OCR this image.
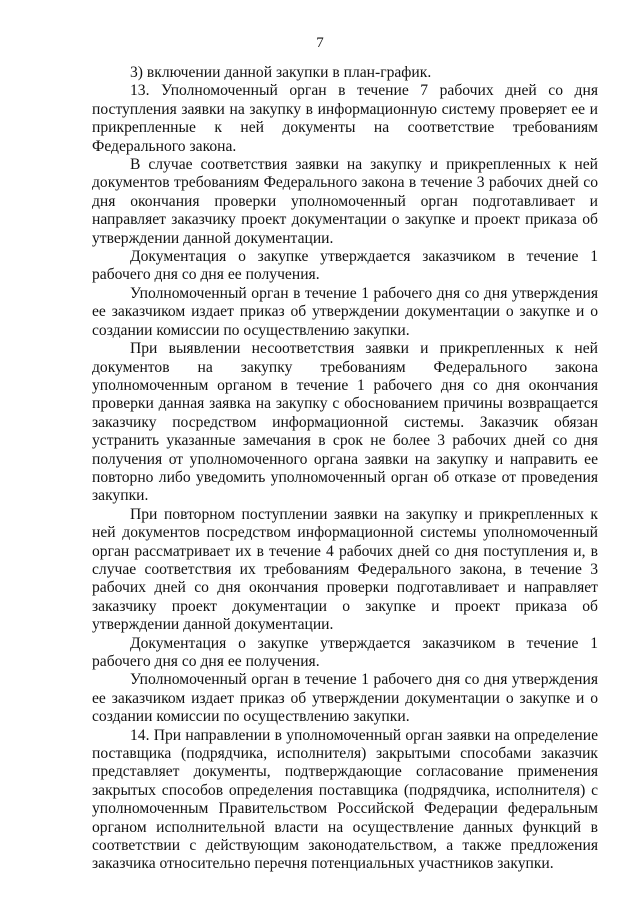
7

3) включении данной закупки в план-график.

13. Уполномоченный орган в течение 7 рабочих дней со дня поступления заявки на закупку в информационную систему проверяет ее и прикрепленные к ней документы на соответствие требованиям Федерального закона.

В случае соответствия заявки на закупку и прикрепленных к ней документов требованиям Федерального закона в течение 3 рабочих дней со дня окончания проверки уполномоченный орган подготавливает и направляет заказчику проект документации о закупке и проект приказа об утверждении данной документации.

Документация о закупке утверждается заказчиком в течение 1 рабочего дня со дня ее получения.

Уполномоченный орган в течение 1 рабочего дня со дня утверждения ее заказчиком издает приказ об утверждении документации о закупке и о создании комиссии по осуществлению закупки.

При выявлении несоответствия заявки и прикрепленных к ней документов на закупку требованиям Федерального закона уполномоченным органом в течение 1 рабочего дня со дня окончания проверки данная заявка на закупку с обоснованием причины возвращается заказчику посредством информационной системы. Заказчик обязан устранить указанные замечания в срок не более 3 рабочих дней со дня получения от уполномоченного органа заявки на закупку и направить ее повторно либо уведомить уполномоченный орган об отказе от проведения закупки.

При повторном поступлении заявки на закупку и прикрепленных к ней документов посредством информационной системы уполномоченный орган рассматривает их в течение 4 рабочих дней со дня поступления и, в случае соответствия их требованиям Федерального закона, в течение 3 рабочих дней со дня окончания проверки подготавливает и направляет заказчику проект документации о закупке и проект приказа об утверждении данной документации.

Документация о закупке утверждается заказчиком в течение 1 рабочего дня со дня ее получения.

Уполномоченный орган в течение 1 рабочего дня со дня утверждения ее заказчиком издает приказ об утверждении документации о закупке и о создании комиссии по осуществлению закупки.

14. При направлении в уполномоченный орган заявки на определение поставщика (подрядчика, исполнителя) закрытыми способами заказчик представляет документы, подтверждающие согласование применения закрытых способов определения поставщика (подрядчика, исполнителя) с уполномоченным Правительством Российской Федерации федеральным органом исполнительной власти на осуществление данных функций в соответствии с действующим законодательством, а также предложения заказчика относительно перечня потенциальных участников закупки.
